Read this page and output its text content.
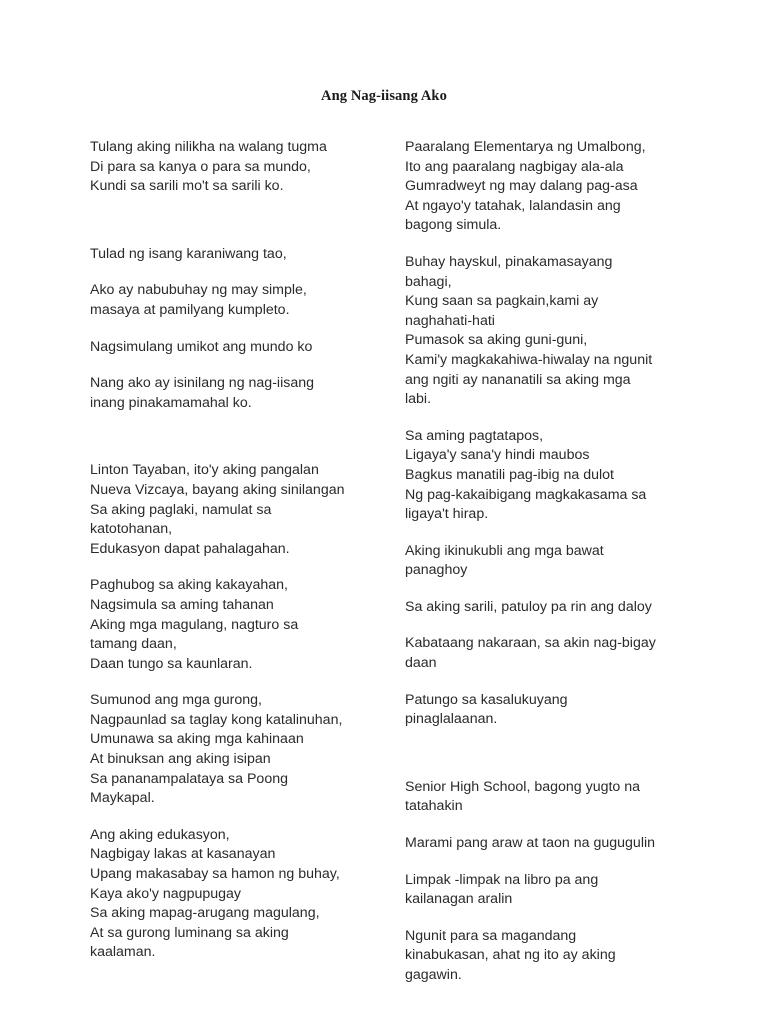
Ang Nag-iisang Ako
Tulang aking nilikha na walang tugma
Di para sa kanya o para sa mundo,
Kundi sa sarili mo't sa sarili ko.
Tulad ng isang karaniwang tao,
Ako ay nabubuhay ng may simple,
masaya at pamilyang kumpleto.
Nagsimulang umikot ang mundo ko
Nang ako ay isinilang ng nag-iisang
inang pinakamamahal ko.
Linton Tayaban, ito'y aking pangalan
Nueva Vizcaya, bayang aking sinilangan
Sa aking paglaki, namulat sa
katotohanan,
Edukasyon dapat pahalagahan.
Paghubog sa aking kakayahan,
Nagsimula sa aming tahanan
Aking mga magulang, nagturo sa
tamang daan,
Daan tungo sa kaunlaran.
Sumunod ang mga gurong,
Nagpaunlad sa taglay kong katalinuhan,
Umunawa sa aking mga kahinaan
At binuksan ang aking isipan
Sa pananampalataya sa Poong
Maykapal.
Ang aking edukasyon,
Nagbigay lakas at kasanayan
Upang makasabay sa hamon ng buhay,
Kaya ako'y nagpupugay
Sa aking mapag-arugang magulang,
At sa gurong luminang sa aking
kaalaman.
Paaralang Elementarya ng Umalbong,
Ito ang paaralang nagbigay ala-ala
Gumradweyt ng may dalang pag-asa
At ngayo'y tatahak, lalandasin ang
bagong simula.
Buhay hayskul, pinakamasayang
bahagi,
Kung saan sa pagkain,kami ay
naghahati-hati
Pumasok sa aking guni-guni,
Kami'y magkakahiwa-hiwalay na ngunit
ang ngiti ay nananatili sa aking mga
labi.
Sa aming pagtatapos,
Ligaya'y sana'y hindi maubos
Bagkus manatili pag-ibig na dulot
Ng pag-kakaibigang magkakasama sa
ligaya't hirap.
Aking ikinukubli ang mga bawat
panaghoy
Sa aking sarili, patuloy pa rin ang daloy
Kabataang nakaraan, sa akin nag-bigay
daan
Patungo sa kasalukuyang
pinaglalaanan.
Senior High School, bagong yugto na
tatahakin
Marami pang araw at taon na gugugulin
Limpak -limpak na libro pa ang
kailanagan aralin
Ngunit para sa magandang
kinabukasan, ahat ng ito ay aking
gagawin.
